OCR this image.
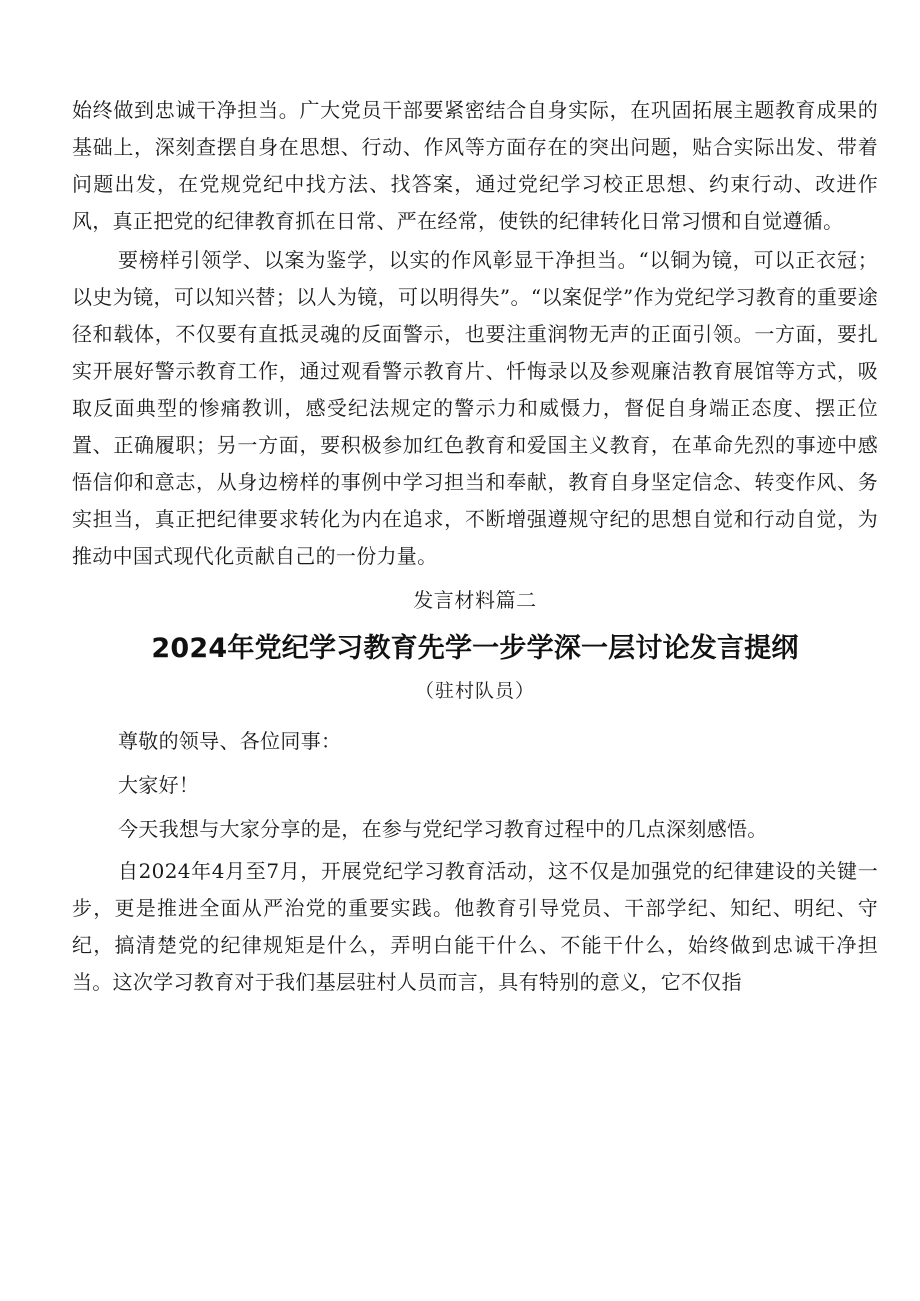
始终做到忠诚干净担当。广大党员干部要紧密结合自身实际，在巩固拓展主题教育成果的基础上，深刻查摆自身在思想、行动、作风等方面存在的突出问题，贴合实际出发、带着问题出发，在党规党纪中找方法、找答案，通过党纪学习校正思想、约束行动、改进作风，真正把党的纪律教育抓在日常、严在经常，使铁的纪律转化日常习惯和自觉遵循。

要榜样引领学、以案为鉴学，以实的作风彰显干净担当。“以铜为镜，可以正衣冠；以史为镜，可以知兴替；以人为镜，可以明得失”。“以案促学”作为党纪学习教育的重要途径和载体，不仅要有直抵灵魂的反面警示，也要注重润物无声的正面引领。一方面，要扎实开展好警示教育工作，通过观看警示教育片、忏悔录以及参观廉洁教育展馆等方式，吸取反面典型的惨痛教训，感受纪法规定的警示力和威慑力，督促自身端正态度、摆正位置、正确履职；另一方面，要积极参加红色教育和爱国主义教育，在革命先烈的事迹中感悟信仰和意志，从身边榜样的事例中学习担当和奉献，教育自身坚定信念、转变作风、务实担当，真正把纪律要求转化为内在追求，不断增强遵规守纪的思想自觉和行动自觉，为推动中国式现代化贡献自己的一份力量。

发言材料篇二

2024年党纪学习教育先学一步学深一层讨论发言提纲

（驻村队员）

尊敬的领导、各位同事：

大家好！

今天我想与大家分享的是，在参与党纪学习教育过程中的几点深刻感悟。

自2024年4月至7月，开展党纪学习教育活动，这不仅是加强党的纪律建设的关键一步，更是推进全面从严治党的重要实践。他教育引导党员、干部学纪、知纪、明纪、守纪，搞清楚党的纪律规矩是什么，弄明白能干什么、不能干什么，始终做到忠诚干净担当。这次学习教育对于我们基层驻村人员而言，具有特别的意义，它不仅指
